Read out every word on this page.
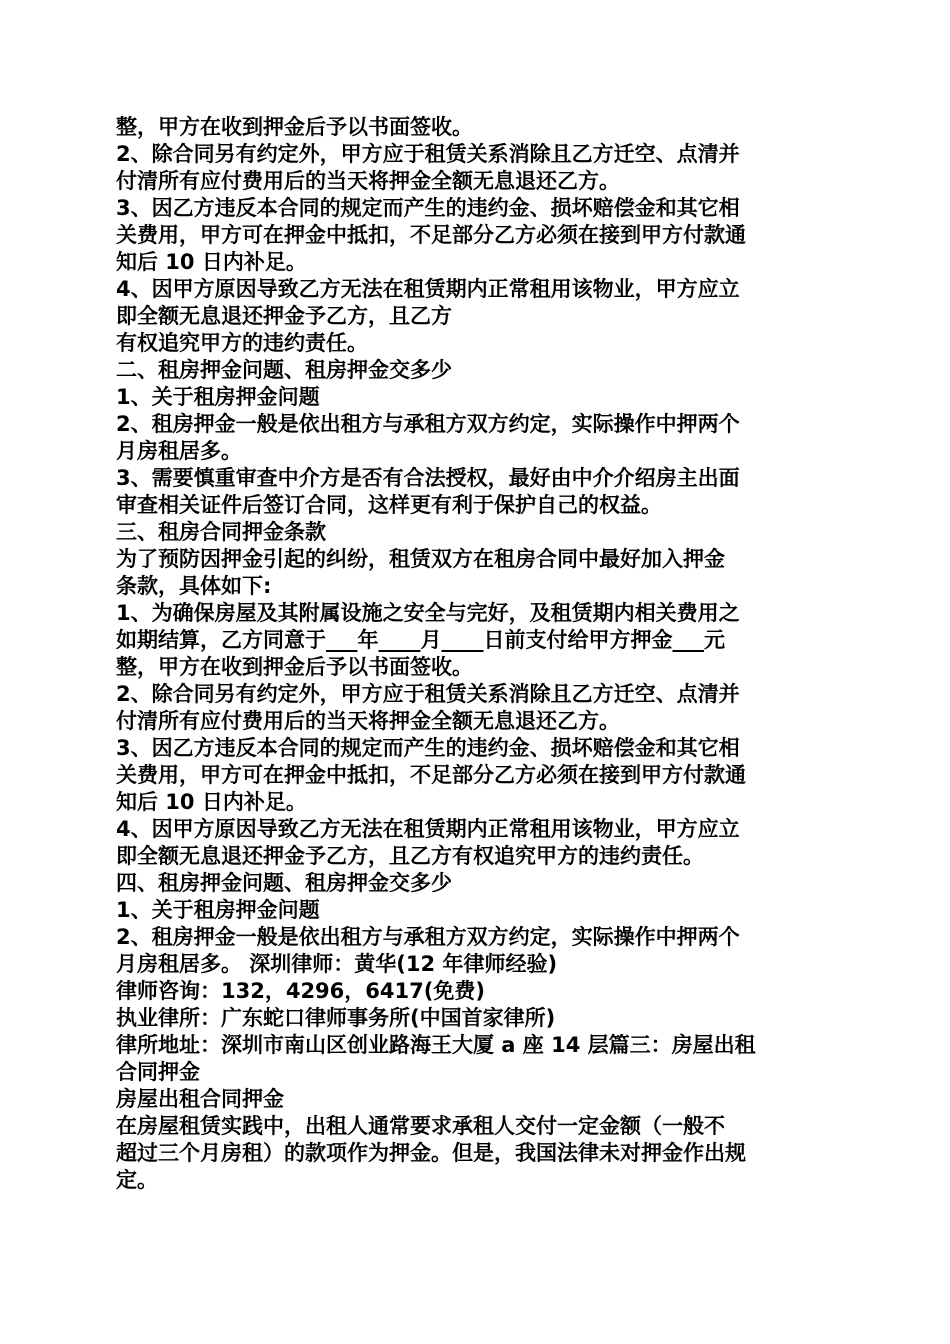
整，甲方在收到押金后予以书面签收。
2、除合同另有约定外，甲方应于租赁关系消除且乙方迁空、点清并
付清所有应付费用后的当天将押金全额无息退还乙方。
3、因乙方违反本合同的规定而产生的违约金、损坏赔偿金和其它相
关费用，甲方可在押金中抵扣，不足部分乙方必须在接到甲方付款通
知后 10 日内补足。
4、因甲方原因导致乙方无法在租赁期内正常租用该物业，甲方应立
即全额无息退还押金予乙方，且乙方
有权追究甲方的违约责任。
二、租房押金问题、租房押金交多少
1、关于租房押金问题
2、租房押金一般是依出租方与承租方双方约定，实际操作中押两个
月房租居多。
3、需要慎重审查中介方是否有合法授权，最好由中介介绍房主出面
审查相关证件后签订合同，这样更有利于保护自己的权益。
三、租房合同押金条款
为了预防因押金引起的纠纷，租赁双方在租房合同中最好加入押金
条款，具体如下:
1、为确保房屋及其附属设施之安全与完好，及租赁期内相关费用之
如期结算，乙方同意于___年____月____日前支付给甲方押金___元
整，甲方在收到押金后予以书面签收。
2、除合同另有约定外，甲方应于租赁关系消除且乙方迁空、点清并
付清所有应付费用后的当天将押金全额无息退还乙方。
3、因乙方违反本合同的规定而产生的违约金、损坏赔偿金和其它相
关费用，甲方可在押金中抵扣，不足部分乙方必须在接到甲方付款通
知后 10 日内补足。
4、因甲方原因导致乙方无法在租赁期内正常租用该物业，甲方应立
即全额无息退还押金予乙方，且乙方有权追究甲方的违约责任。
四、租房押金问题、租房押金交多少
1、关于租房押金问题
2、租房押金一般是依出租方与承租方双方约定，实际操作中押两个
月房租居多。 深圳律师：黄华(12 年律师经验)
律师咨询：132，4296，6417(免费)
执业律所：广东蛇口律师事务所(中国首家律所)
律所地址：深圳市南山区创业路海王大厦 a 座 14 层篇三：房屋出租
合同押金
房屋出租合同押金
在房屋租赁实践中，出租人通常要求承租人交付一定金额（一般不
超过三个月房租）的款项作为押金。但是，我国法律未对押金作出规
定。
